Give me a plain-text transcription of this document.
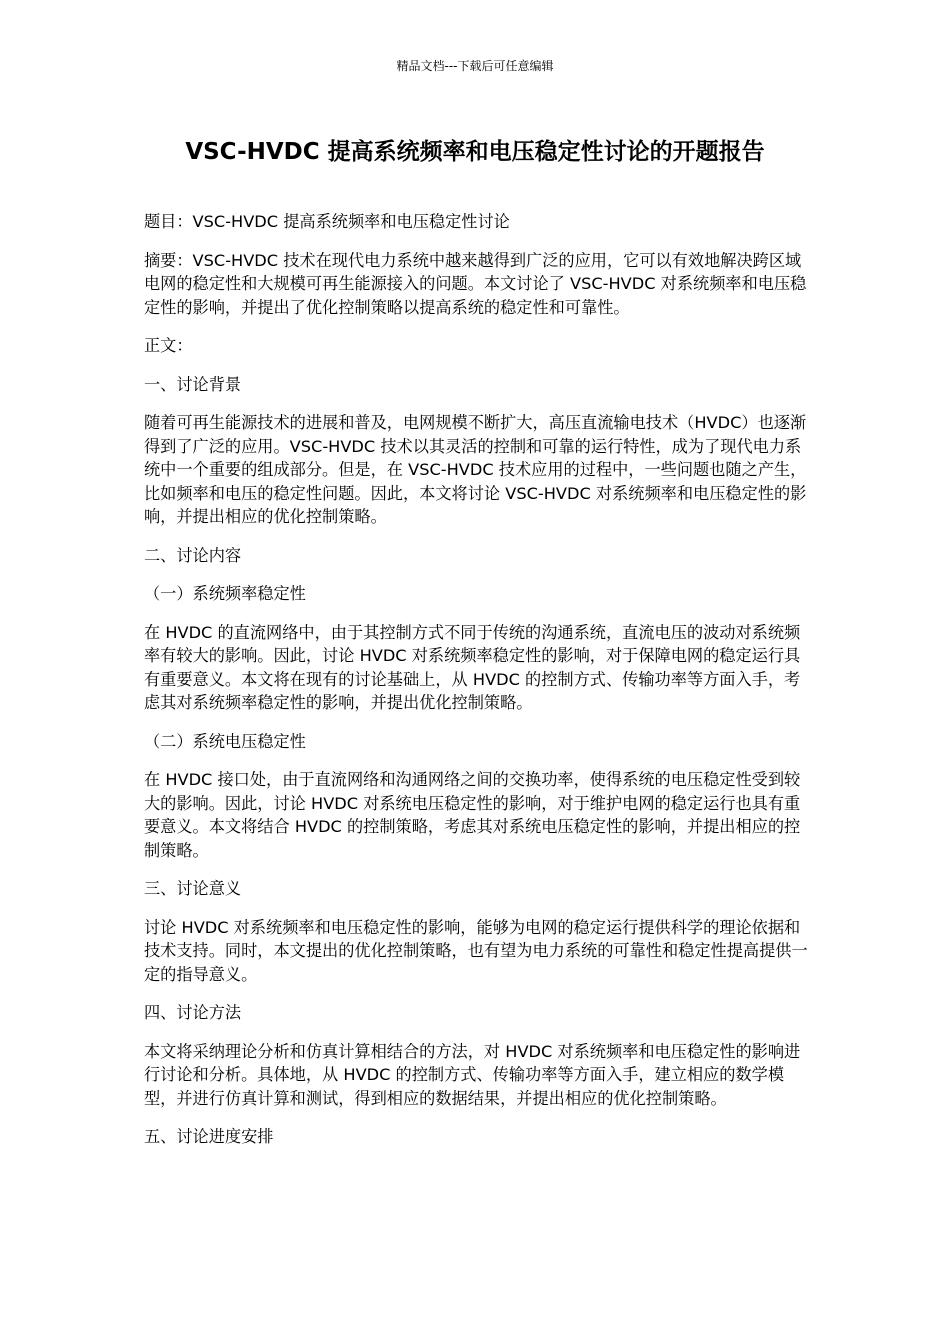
精品文档---下载后可任意编辑
VSC-HVDC 提高系统频率和电压稳定性讨论的开题报告

题目：VSC-HVDC 提高系统频率和电压稳定性讨论

摘要：VSC-HVDC 技术在现代电力系统中越来越得到广泛的应用，它可以有效地解决跨区域电网的稳定性和大规模可再生能源接入的问题。本文讨论了 VSC-HVDC 对系统频率和电压稳定性的影响，并提出了优化控制策略以提高系统的稳定性和可靠性。

正文：

一、讨论背景

随着可再生能源技术的进展和普及，电网规模不断扩大，高压直流输电技术（HVDC）也逐渐得到了广泛的应用。VSC-HVDC 技术以其灵活的控制和可靠的运行特性，成为了现代电力系统中一个重要的组成部分。但是，在 VSC-HVDC 技术应用的过程中，一些问题也随之产生，比如频率和电压的稳定性问题。因此，本文将讨论 VSC-HVDC 对系统频率和电压稳定性的影响，并提出相应的优化控制策略。

二、讨论内容

（一）系统频率稳定性

在 HVDC 的直流网络中，由于其控制方式不同于传统的沟通系统，直流电压的波动对系统频率有较大的影响。因此，讨论 HVDC 对系统频率稳定性的影响，对于保障电网的稳定运行具有重要意义。本文将在现有的讨论基础上，从 HVDC 的控制方式、传输功率等方面入手，考虑其对系统频率稳定性的影响，并提出优化控制策略。

（二）系统电压稳定性

在 HVDC 接口处，由于直流网络和沟通网络之间的交换功率，使得系统的电压稳定性受到较大的影响。因此，讨论 HVDC 对系统电压稳定性的影响，对于维护电网的稳定运行也具有重要意义。本文将结合 HVDC 的控制策略，考虑其对系统电压稳定性的影响，并提出相应的控制策略。

三、讨论意义

讨论 HVDC 对系统频率和电压稳定性的影响，能够为电网的稳定运行提供科学的理论依据和技术支持。同时，本文提出的优化控制策略，也有望为电力系统的可靠性和稳定性提高提供一定的指导意义。

四、讨论方法

本文将采纳理论分析和仿真计算相结合的方法，对 HVDC 对系统频率和电压稳定性的影响进行讨论和分析。具体地，从 HVDC 的控制方式、传输功率等方面入手，建立相应的数学模型，并进行仿真计算和测试，得到相应的数据结果，并提出相应的优化控制策略。

五、讨论进度安排
